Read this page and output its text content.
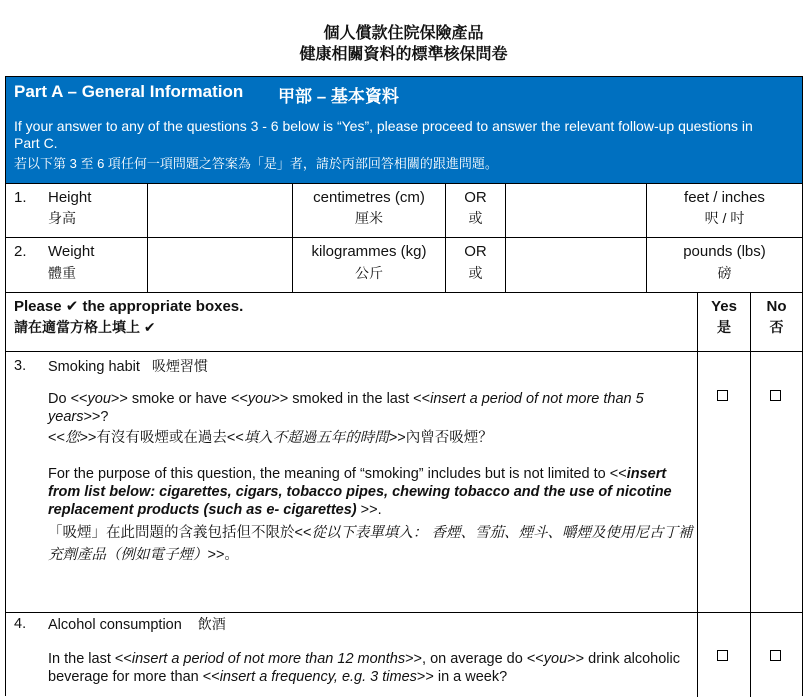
個人償款住院保險產品
健康相關資料的標準核保問卷
Part A – General Information 甲部 – 基本資料
If your answer to any of the questions 3 - 6 below is “Yes”, please proceed to answer the relevant follow-up questions in Part C.
若以下第 3 至 6 項任何一項問題之答案為「是」者，請於丙部回答相關的跟進問題。
1. Height
身高
centimetres (cm)
厘米
OR
或
feet / inches
呎 / 吋
2. Weight
體重
kilogrammes (kg)
公斤
OR
或
pounds (lbs)
磅
Please ✔ the appropriate boxes.
請在適當方格上填上 ✔
Yes
是
No
否
3. Smoking habit 吸煙習慣
Do <<you>> smoke or have <<you>> smoked in the last <<insert a period of not more than 5 years>>?
<<您>>有沒有吸煙或在過去<<填入不超過五年的時間>>內曾否吸煙？
For the purpose of this question, the meaning of “smoking” includes but is not limited to <<insert from list below: cigarettes, cigars, tobacco pipes, chewing tobacco and the use of nicotine replacement products (such as e- cigarettes) >>.
「吸煙」在此問題的含義包括但不限於<<從以下表單填入： 香煙、雪茄、煙斗、嚼煙及使用尼古丁補充劑產品（例如電子煙）>>。
4. Alcohol consumption 飲酒
In the last <<insert a period of not more than 12 months>>, on average do <<you>> drink alcoholic beverage for more than <<insert a frequency, e.g. 3 times>> in a week?
